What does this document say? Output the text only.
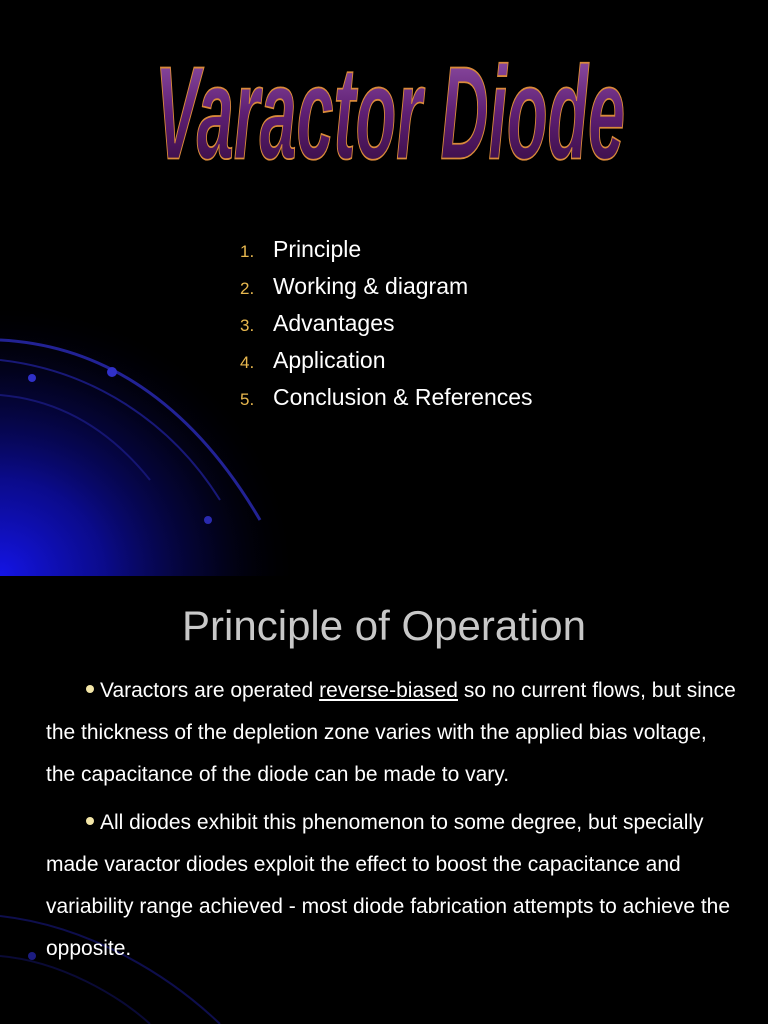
Varactor Diode
1. Principle
2. Working & diagram
3. Advantages
4. Application
5. Conclusion & References
Principle of Operation

Varactors are operated reverse-biased so no current flows, but since the thickness of the depletion zone varies with the applied bias voltage, the capacitance of the diode can be made to vary.

All diodes exhibit this phenomenon to some degree, but specially made varactor diodes exploit the effect to boost the capacitance and variability range achieved - most diode fabrication attempts to achieve the opposite.
